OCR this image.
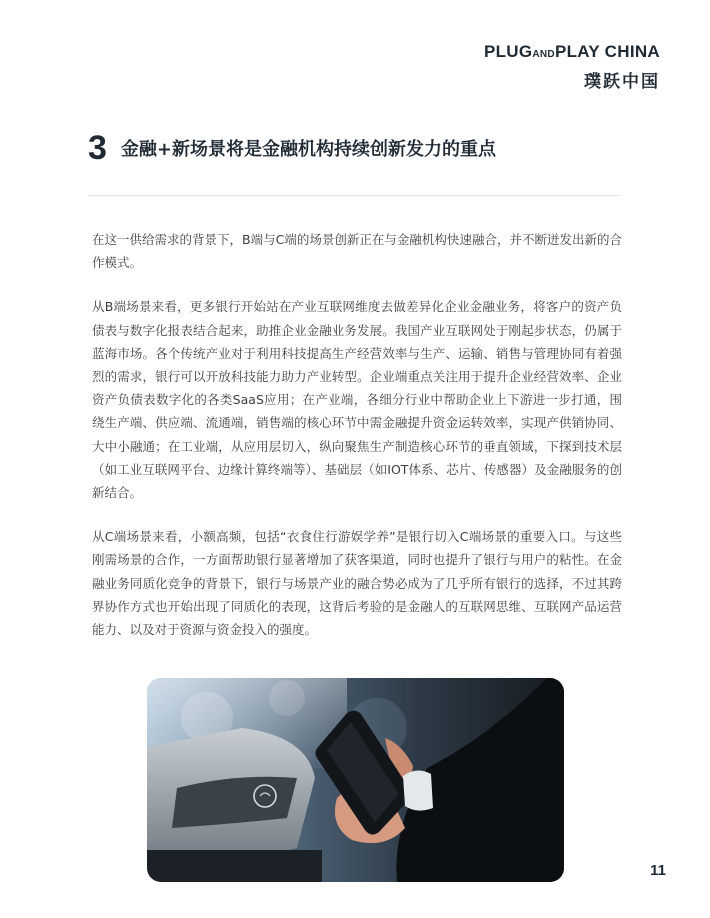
PLUGANDPLAY CHINA
璞跃中国
3 金融+新场景将是金融机构持续创新发力的重点

在这一供给需求的背景下，B端与C端的场景创新正在与金融机构快速融合，并不断迸发出新的合作模式。

从B端场景来看，更多银行开始站在产业互联网维度去做差异化企业金融业务，将客户的资产负债表与数字化报表结合起来，助推企业金融业务发展。我国产业互联网处于刚起步状态，仍属于蓝海市场。各个传统产业对于利用科技提高生产经营效率与生产、运输、销售与管理协同有着强烈的需求，银行可以开放科技能力助力产业转型。企业端重点关注用于提升企业经营效率、企业资产负债表数字化的各类SaaS应用；在产业端，各细分行业中帮助企业上下游进一步打通，围绕生产端、供应端、流通端，销售端的核心环节中需金融提升资金运转效率，实现产供销协同、大中小融通；在工业端，从应用层切入，纵向聚焦生产制造核心环节的垂直领域，下探到技术层（如工业互联网平台、边缘计算终端等）、基础层（如IOT体系、芯片、传感器）及金融服务的创新结合。

从C端场景来看，小额高频，包括“衣食住行游娱学养”是银行切入C端场景的重要入口。与这些刚需场景的合作，一方面帮助银行显著增加了获客渠道，同时也提升了银行与用户的粘性。在金融业务同质化竞争的背景下，银行与场景产业的融合势必成为了几乎所有银行的选择，不过其跨界协作方式也开始出现了同质化的表现，这背后考验的是金融人的互联网思维、互联网产品运营能力、以及对于资源与资金投入的强度。

11
